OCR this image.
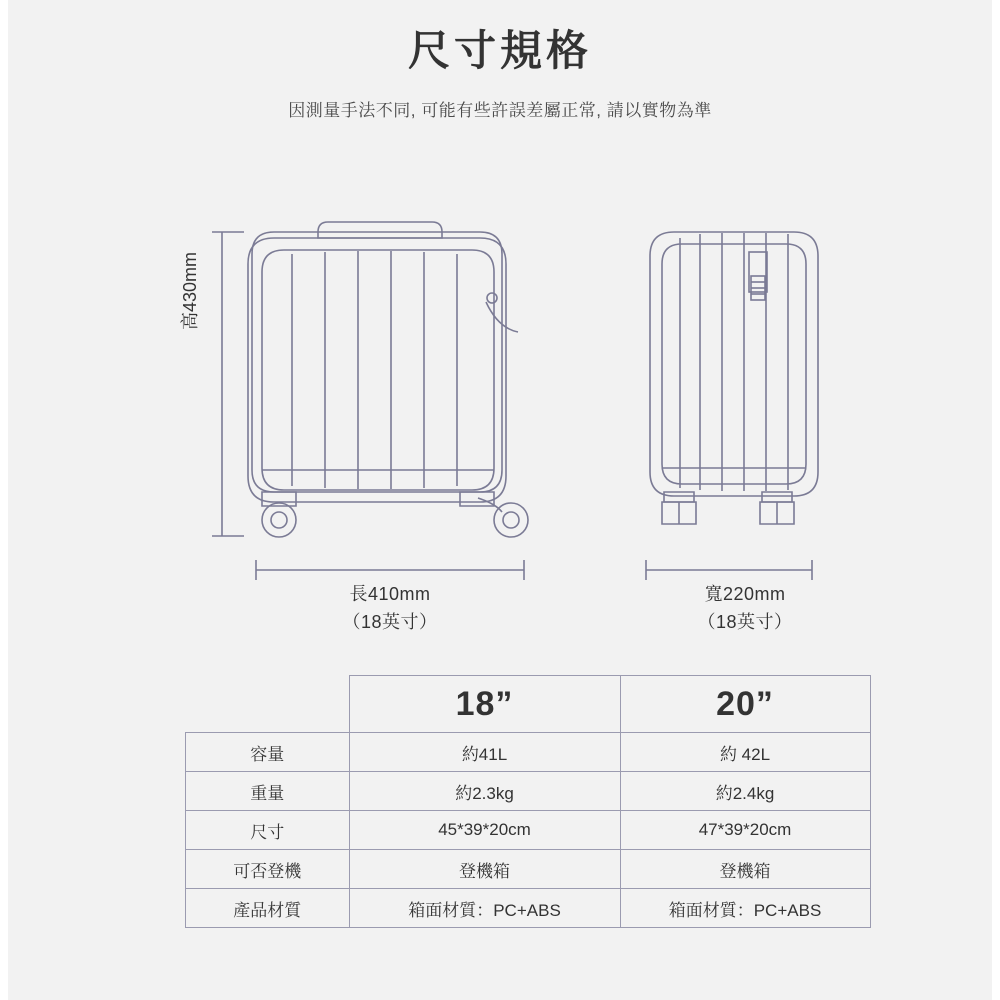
尺寸規格
因測量手法不同, 可能有些許誤差屬正常, 請以實物為準
高430mm
長410mm
（18英寸）
寬220mm
（18英寸）
	18”	20”
容量	約41L	約 42L
重量	約2.3kg	約2.4kg
尺寸	45*39*20cm	47*39*20cm
可否登機	登機箱	登機箱
產品材質	箱面材質：PC+ABS	箱面材質：PC+ABS
